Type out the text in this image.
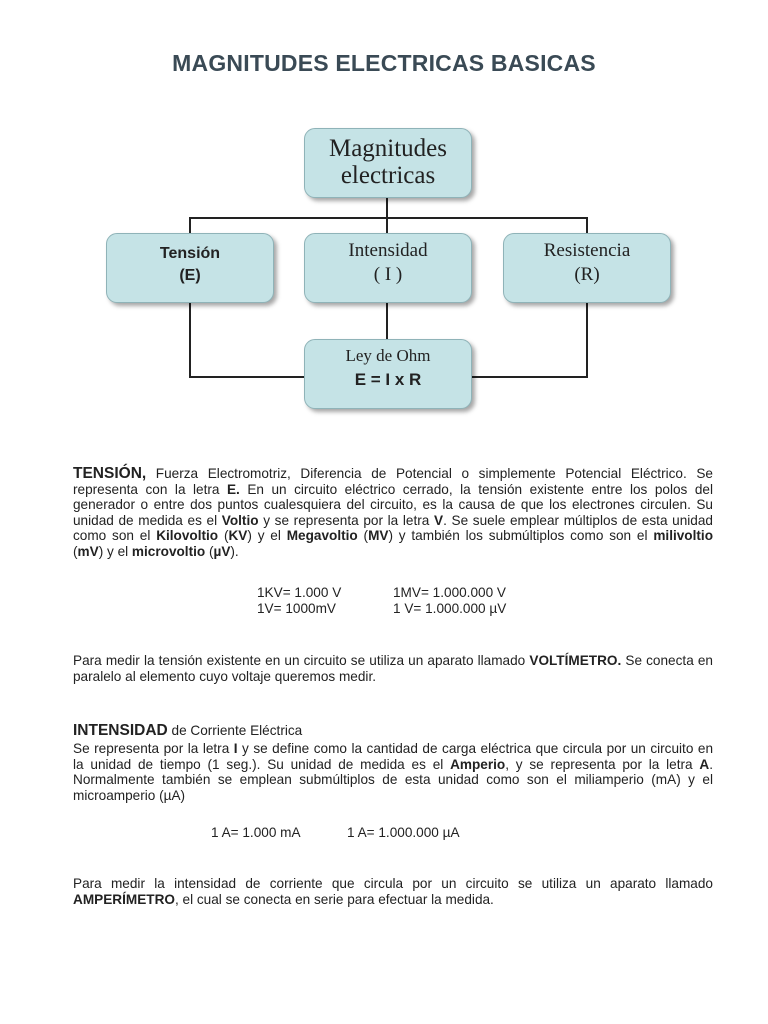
MAGNITUDES ELECTRICAS BASICAS
Magnitudes
electricas
Tensión
(E)
Intensidad
( I )
Resistencia
(R)
Ley de Ohm
E = I x R
TENSIÓN, Fuerza Electromotriz, Diferencia de Potencial o simplemente Potencial Eléctrico. Se representa con la letra E. En un circuito eléctrico cerrado, la tensión existente entre los polos del generador o entre dos puntos cualesquiera del circuito, es la causa de que los electrones circulen. Su unidad de medida es el Voltio y se representa por la letra V. Se suele emplear múltiplos de esta unidad como son el Kilovoltio (KV) y el Megavoltio (MV) y también los submúltiplos como son el milivoltio (mV) y el microvoltio (µV).
1KV= 1.000 V	1MV= 1.000.000 V
1V= 1000mV	1 V= 1.000.000 µV
Para medir la tensión existente en un circuito se utiliza un aparato llamado VOLTÍMETRO. Se conecta en paralelo al elemento cuyo voltaje queremos medir.
INTENSIDAD de Corriente Eléctrica
Se representa por la letra I y se define como la cantidad de carga eléctrica que circula por un circuito en la unidad de tiempo (1 seg.). Su unidad de medida es el Amperio, y se representa por la letra A. Normalmente también se emplean submúltiplos de esta unidad como son el miliamperio (mA) y el microamperio (µA)
1 A= 1.000 mA	1 A= 1.000.000 µA
Para medir la intensidad de corriente que circula por un circuito se utiliza un aparato llamado AMPERÍMETRO, el cual se conecta en serie para efectuar la medida.
